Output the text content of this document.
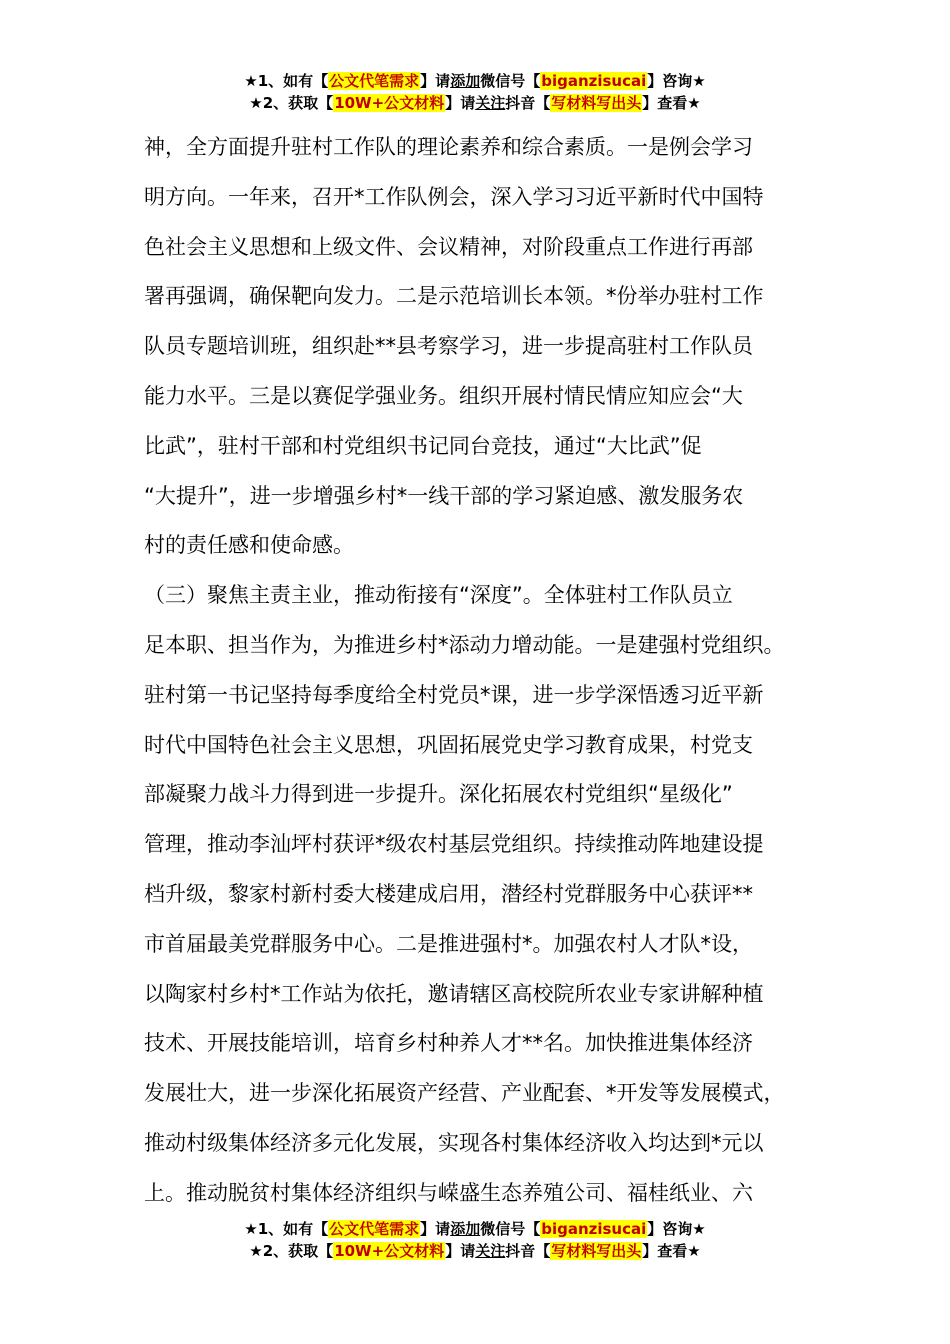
★1、如有【公文代笔需求】请添加微信号【biganzisucai】咨询★
★2、获取【10W+公文材料】请关注抖音【写材料写出头】查看★
神，全方面提升驻村工作队的理论素养和综合素质。一是例会学习
明方向。一年来，召开*工作队例会，深入学习习近平新时代中国特
色社会主义思想和上级文件、会议精神，对阶段重点工作进行再部
署再强调，确保靶向发力。二是示范培训长本领。*份举办驻村工作
队员专题培训班，组织赴**县考察学习，进一步提高驻村工作队员
能力水平。三是以赛促学强业务。组织开展村情民情应知应会“大
比武”，驻村干部和村党组织书记同台竞技，通过“大比武”促
“大提升”，进一步增强乡村*一线干部的学习紧迫感、激发服务农
村的责任感和使命感。
（三）聚焦主责主业，推动衔接有“深度”。全体驻村工作队员立
足本职、担当作为，为推进乡村*添动力增动能。一是建强村党组织。
驻村第一书记坚持每季度给全村党员*课，进一步学深悟透习近平新
时代中国特色社会主义思想，巩固拓展党史学习教育成果，村党支
部凝聚力战斗力得到进一步提升。深化拓展农村党组织“星级化”
管理，推动李汕坪村获评*级农村基层党组织。持续推动阵地建设提
档升级，黎家村新村委大楼建成启用，潜经村党群服务中心获评**
市首届最美党群服务中心。二是推进强村*。加强农村人才队*设，
以陶家村乡村*工作站为依托，邀请辖区高校院所农业专家讲解种植
技术、开展技能培训，培育乡村种养人才**名。加快推进集体经济
发展壮大，进一步深化拓展资产经营、产业配套、*开发等发展模式，
推动村级集体经济多元化发展，实现各村集体经济收入均达到*元以
上。推动脱贫村集体经济组织与嵘盛生态养殖公司、福桂纸业、六
★1、如有【公文代笔需求】请添加微信号【biganzisucai】咨询★
★2、获取【10W+公文材料】请关注抖音【写材料写出头】查看★
